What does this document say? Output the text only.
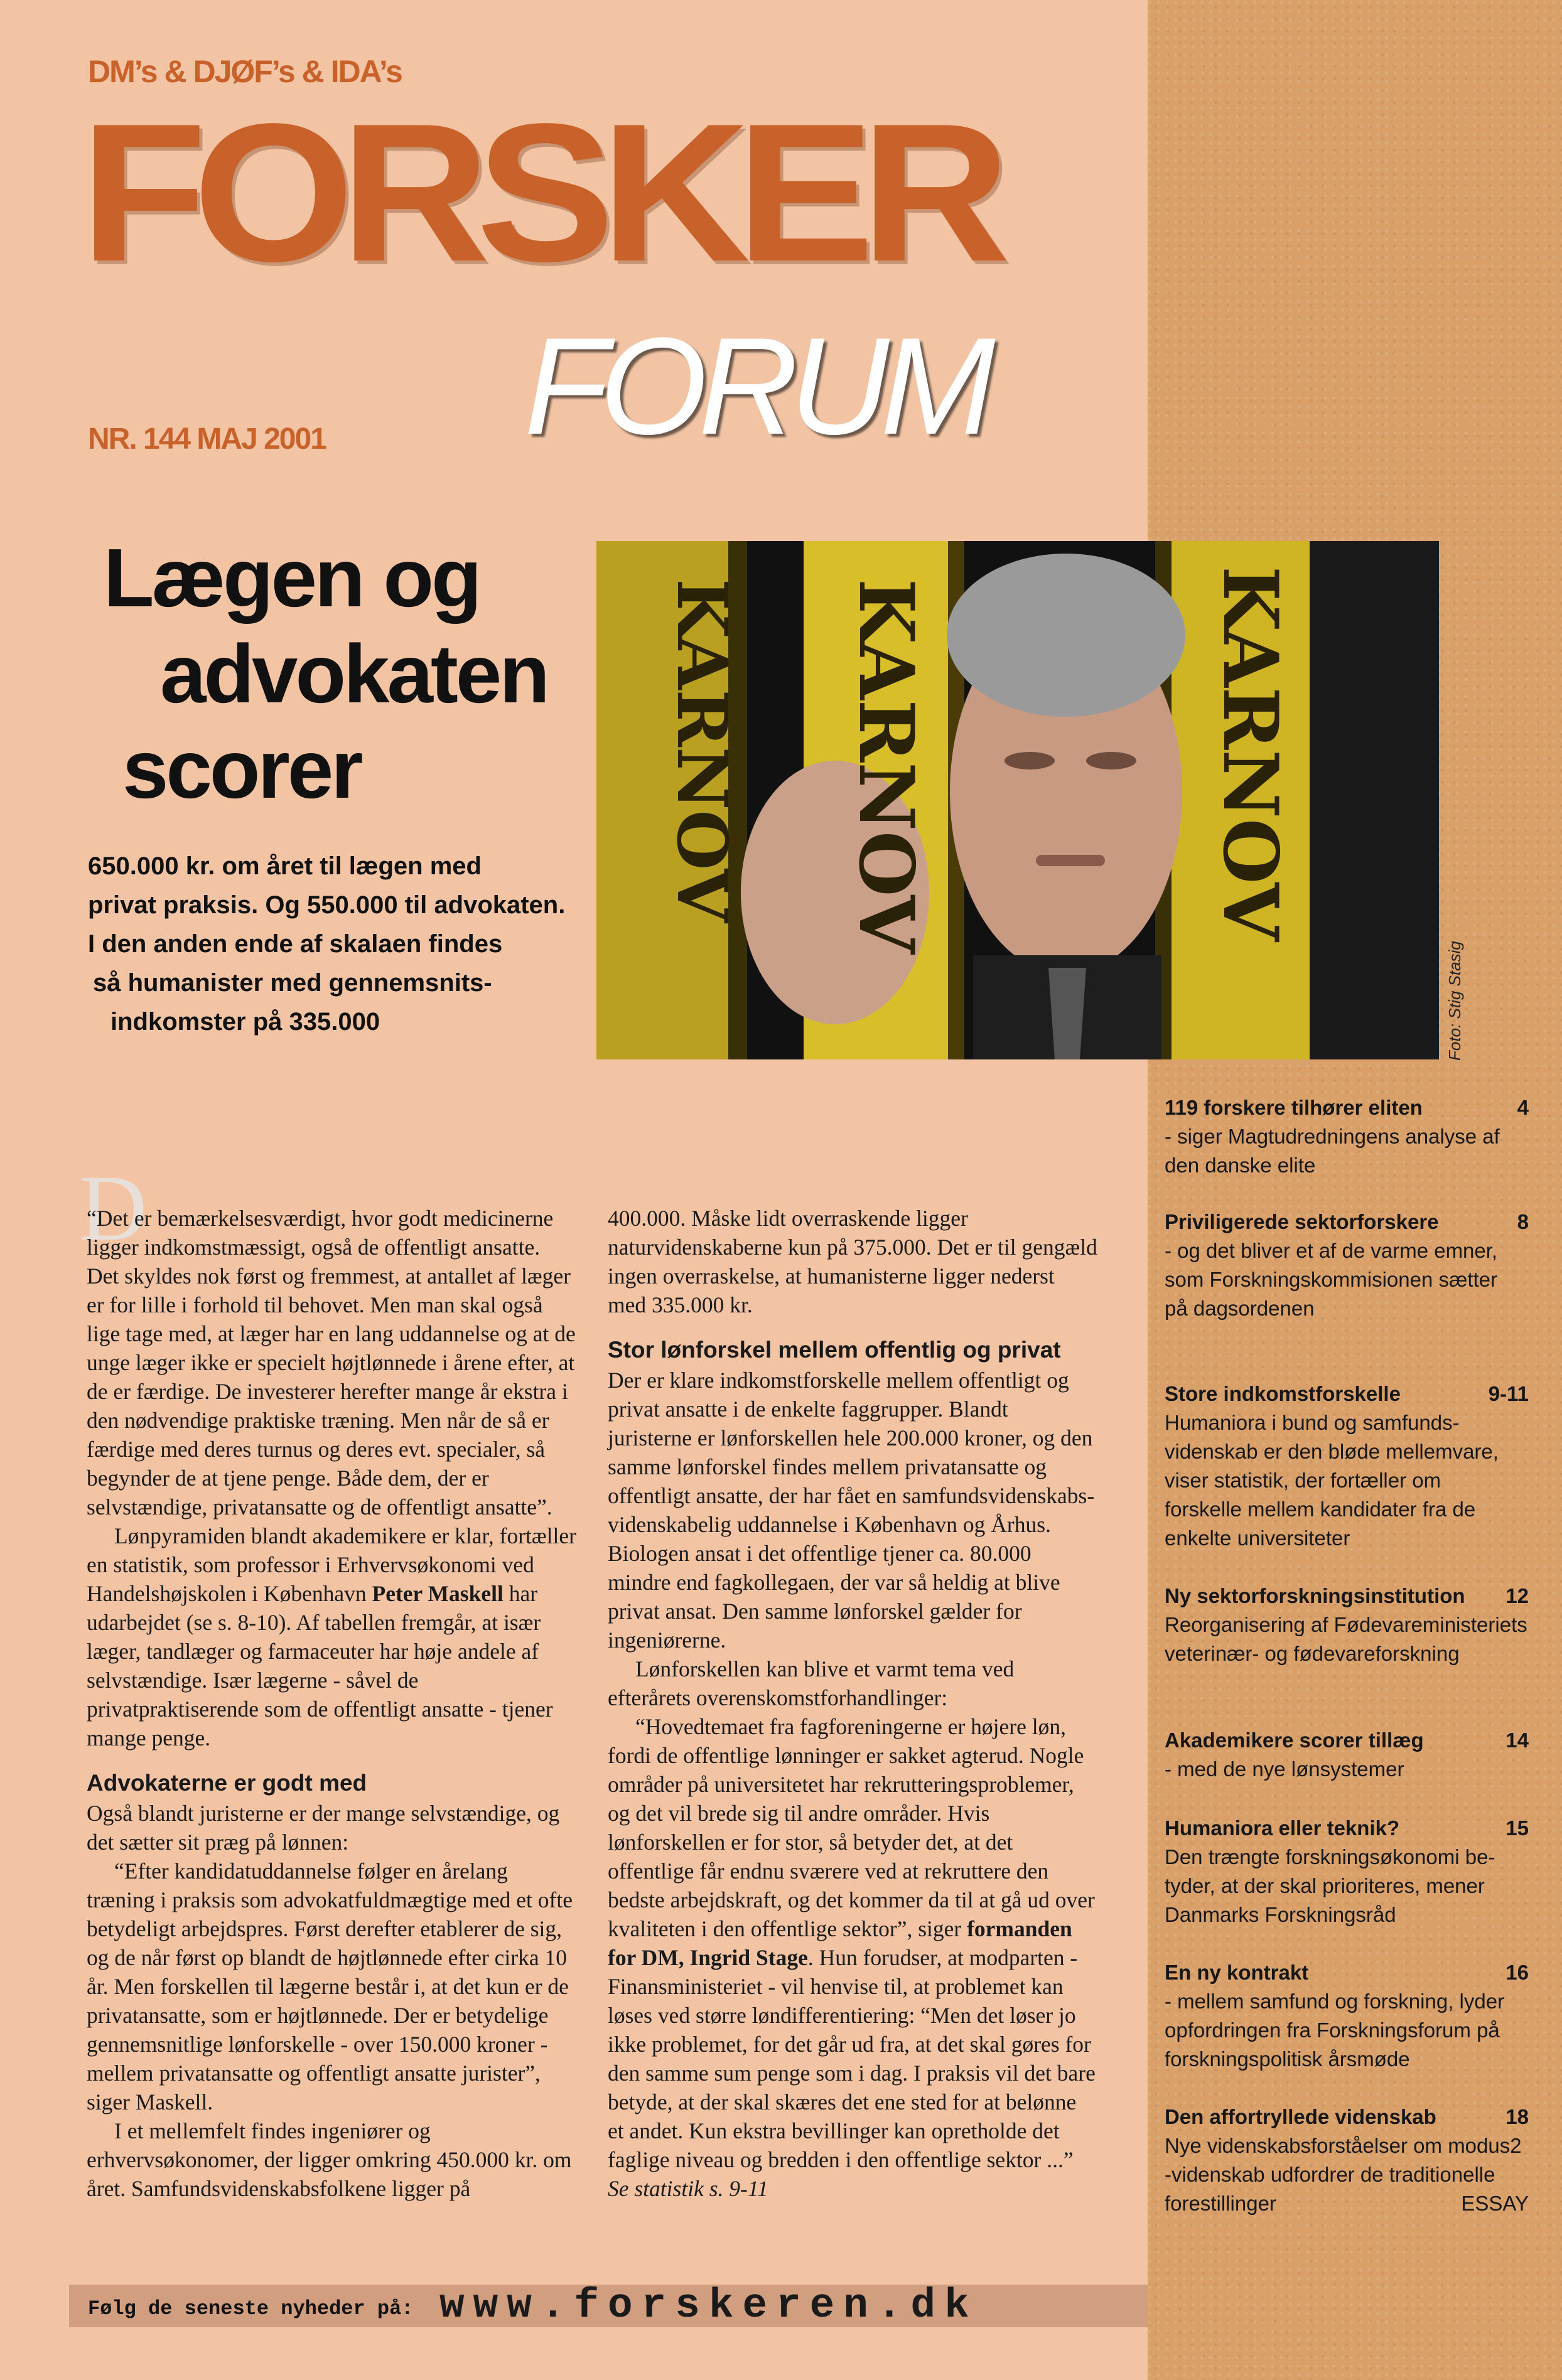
DM’s & DJØF’s & IDA’s
FORSKER
FORUM
NR. 144 MAJ 2001
Lægen og
advokaten
scorer
650.000 kr. om året til lægen med
privat praksis. Og 550.000 til advokaten.
I den anden ende af skalaen findes
så humanister med gennemsnits-
indkomster på 335.000
KARNOV KARNOV	KARNOV
Foto: Stig Stasig
D

“Det er bemærkelsesværdigt, hvor godt medicinerne ligger indkomstmæssigt, også de offentligt ansatte. Det skyldes nok først og fremmest, at antallet af læger er for lille i forhold til behovet. Men man skal også lige tage med, at læger har en lang uddannelse og at de unge læger ikke er specielt højtlønnede i årene efter, at de er færdige. De investerer herefter mange år ekstra i den nødvendige praktiske træning. Men når de så er færdige med deres turnus og deres evt. specialer, så begynder de at tjene penge. Både dem, der er selvstændige, privatansatte og de offentligt ansatte”.

Lønpyramiden blandt akademikere er klar, fortæller en statistik, som professor i Erhvervsøkonomi ved Handelshøjskolen i København Peter Maskell har udarbejdet (se s. 8-10). Af tabellen fremgår, at især læger, tandlæger og farmaceuter har høje andele af selvstændige. Især lægerne - såvel de privatpraktiserende som de offentligt ansatte - tjener mange penge.

Advokaterne er godt med

Også blandt juristerne er der mange selvstændige, og det sætter sit præg på lønnen:

“Efter kandidatuddannelse følger en årelang træning i praksis som advokatfuldmægtige med et ofte betydeligt arbejdspres. Først derefter etablerer de sig, og de når først op blandt de højtlønnede efter cirka 10 år. Men forskellen til lægerne består i, at det kun er de privatansatte, som er højtlønnede. Der er betydelige gennemsnitlige lønforskelle - over 150.000 kroner - mellem privatansatte og offentligt ansatte jurister”, siger Maskell.

I et mellemfelt findes ingeniører og erhvervsøkonomer, der ligger omkring 450.000 kr. om året. Samfundsvidenskabsfolkene ligger på

400.000. Måske lidt overraskende ligger naturvidenskaberne kun på 375.000. Det er til gengæld ingen overraskelse, at humanisterne ligger nederst med 335.000 kr.

Stor lønforskel mellem offentlig og privat

Der er klare indkomstforskelle mellem offentligt og privat ansatte i de enkelte faggrupper. Blandt juristerne er lønforskellen hele 200.000 kroner, og den samme lønforskel findes mellem privatansatte og offentligt ansatte, der har fået en samfundsvidenskabs-videnskabelig uddannelse i København og Århus. Biologen ansat i det offentlige tjener ca. 80.000 mindre end fagkollegaen, der var så heldig at blive privat ansat. Den samme lønforskel gælder for ingeniørerne.

Lønforskellen kan blive et varmt tema ved efterårets overenskomstforhandlinger:

“Hovedtemaet fra fagforeningerne er højere løn, fordi de offentlige lønninger er sakket agterud. Nogle områder på universitetet har rekrutteringsproblemer, og det vil brede sig til andre områder. Hvis lønforskellen er for stor, så betyder det, at det offentlige får endnu sværere ved at rekruttere den bedste arbejdskraft, og det kommer da til at gå ud over kvaliteten i den offentlige sektor”, siger formanden for DM, Ingrid Stage. Hun forudser, at modparten - Finansministeriet - vil henvise til, at problemet kan løses ved større løndifferentiering: “Men det løser jo ikke problemet, for det går ud fra, at det skal gøres for den samme sum penge som i dag. I praksis vil det bare betyde, at der skal skæres det ene sted for at belønne et andet. Kun ekstra bevillinger kan opretholde det faglige niveau og bredden i den offentlige sektor ...”

Se statistik s. 9-11

119 forskere tilhører eliten	4
- siger Magtudredningens analyse af
den danske elite
Priviligerede sektorforskere	8
- og det bliver et af de varme emner,
som Forskningskommisionen sætter
på dagsordenen
Store indkomstforskelle	9-11
Humaniora i bund og samfunds-
videnskab er den bløde mellemvare,
viser statistik, der fortæller om
forskelle mellem kandidater fra de
enkelte universiteter
Ny sektorforskningsinstitution 12
Reorganisering af Fødevareministeriets
veterinær- og fødevareforskning
Akademikere scorer tillæg	14
- med de nye lønsystemer
Humaniora eller teknik?	15
Den trængte forskningsøkonomi be-
tyder, at der skal prioriteres, mener
Danmarks Forskningsråd
En ny kontrakt	16
- mellem samfund og forskning, lyder
opfordringen fra Forskningsforum på
forskningspolitisk årsmøde
Den affortryllede videnskab	18
Nye videnskabsforståelser om modus2
-videnskab udfordrer de traditionelle
forestillinger	ESSAY
Følg de seneste nyheder på: www.forskeren.dk
